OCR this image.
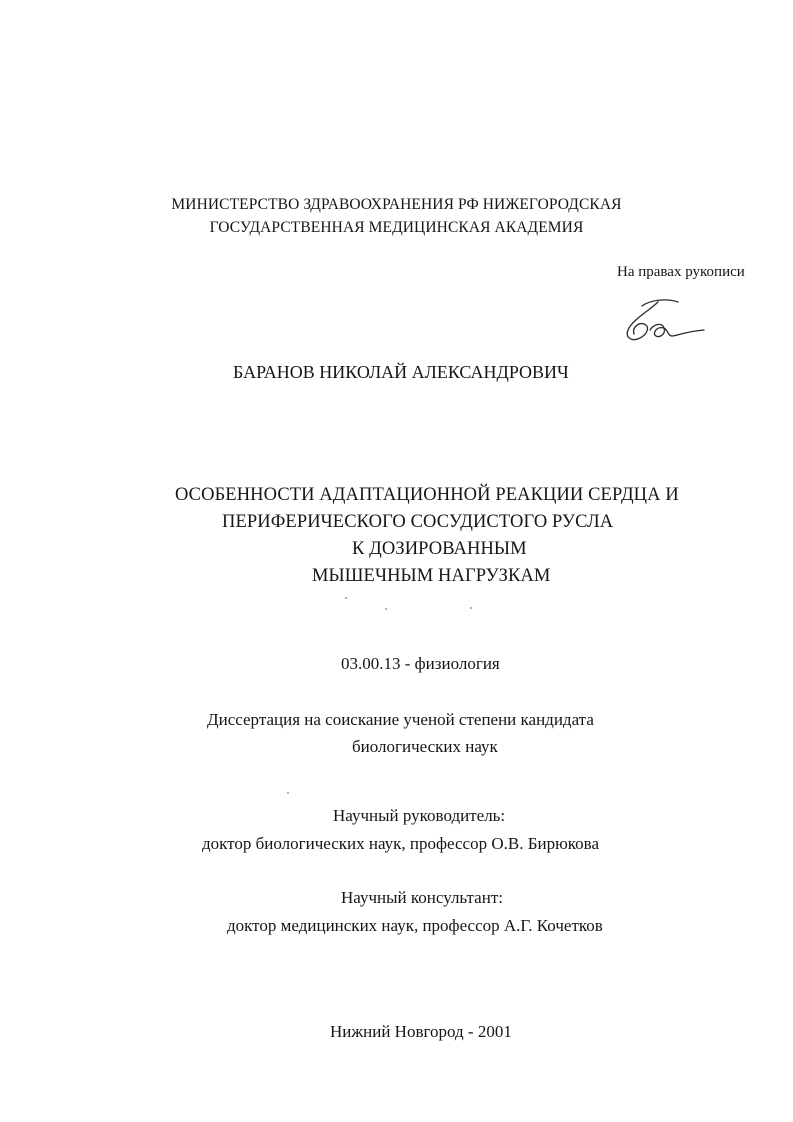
МИНИСТЕРСТВО ЗДРАВООХРАНЕНИЯ РФ НИЖЕГОРОДСКАЯ
ГОСУДАРСТВЕННАЯ МЕДИЦИНСКАЯ АКАДЕМИЯ
На правах рукописи
БАРАНОВ НИКОЛАЙ АЛЕКСАНДРОВИЧ
ОСОБЕННОСТИ АДАПТАЦИОННОЙ РЕАКЦИИ СЕРДЦА И
ПЕРИФЕРИЧЕСКОГО СОСУДИСТОГО РУСЛА
К ДОЗИРОВАННЫМ
МЫШЕЧНЫМ НАГРУЗКАМ
03.00.13 - физиология
Диссертация на соискание ученой степени кандидата
биологических наук
Научный руководитель:
доктор биологических наук, профессор О.В. Бирюкова
Научный консультант:
доктор медицинских наук, профессор А.Г. Кочетков
Нижний Новгород - 2001
